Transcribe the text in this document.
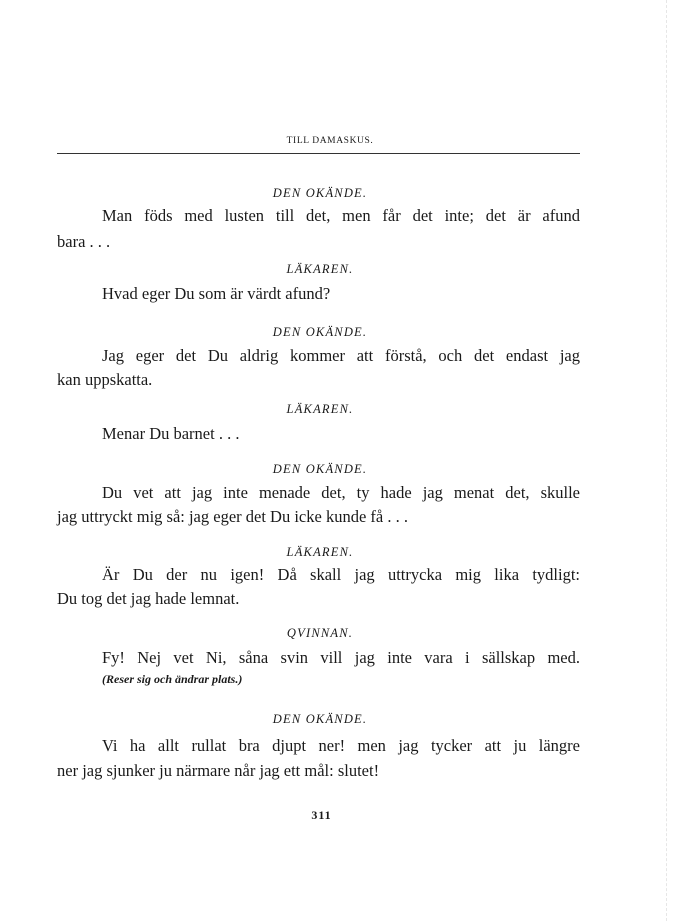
TILL DAMASKUS.
DEN OKÄNDE.
Man föds med lusten till det, men får det inte; det är afund
bara . . .
LÄKAREN.
Hvad eger Du som är värdt afund?
DEN OKÄNDE.
Jag eger det Du aldrig kommer att förstå, och det endast jag
kan uppskatta.
LÄKAREN.
Menar Du barnet . . .
DEN OKÄNDE.
Du vet att jag inte menade det, ty hade jag menat det, skulle
jag uttryckt mig så: jag eger det Du icke kunde få . . .
LÄKAREN.
Är Du der nu igen! Då skall jag uttrycka mig lika tydligt:
Du tog det jag hade lemnat.
QVINNAN.
Fy! Nej vet Ni, såna svin vill jag inte vara i sällskap med.
(Reser sig och ändrar plats.)
DEN OKÄNDE.
Vi ha allt rullat bra djupt ner! men jag tycker att ju längre
ner jag sjunker ju närmare når jag ett mål: slutet!
311
